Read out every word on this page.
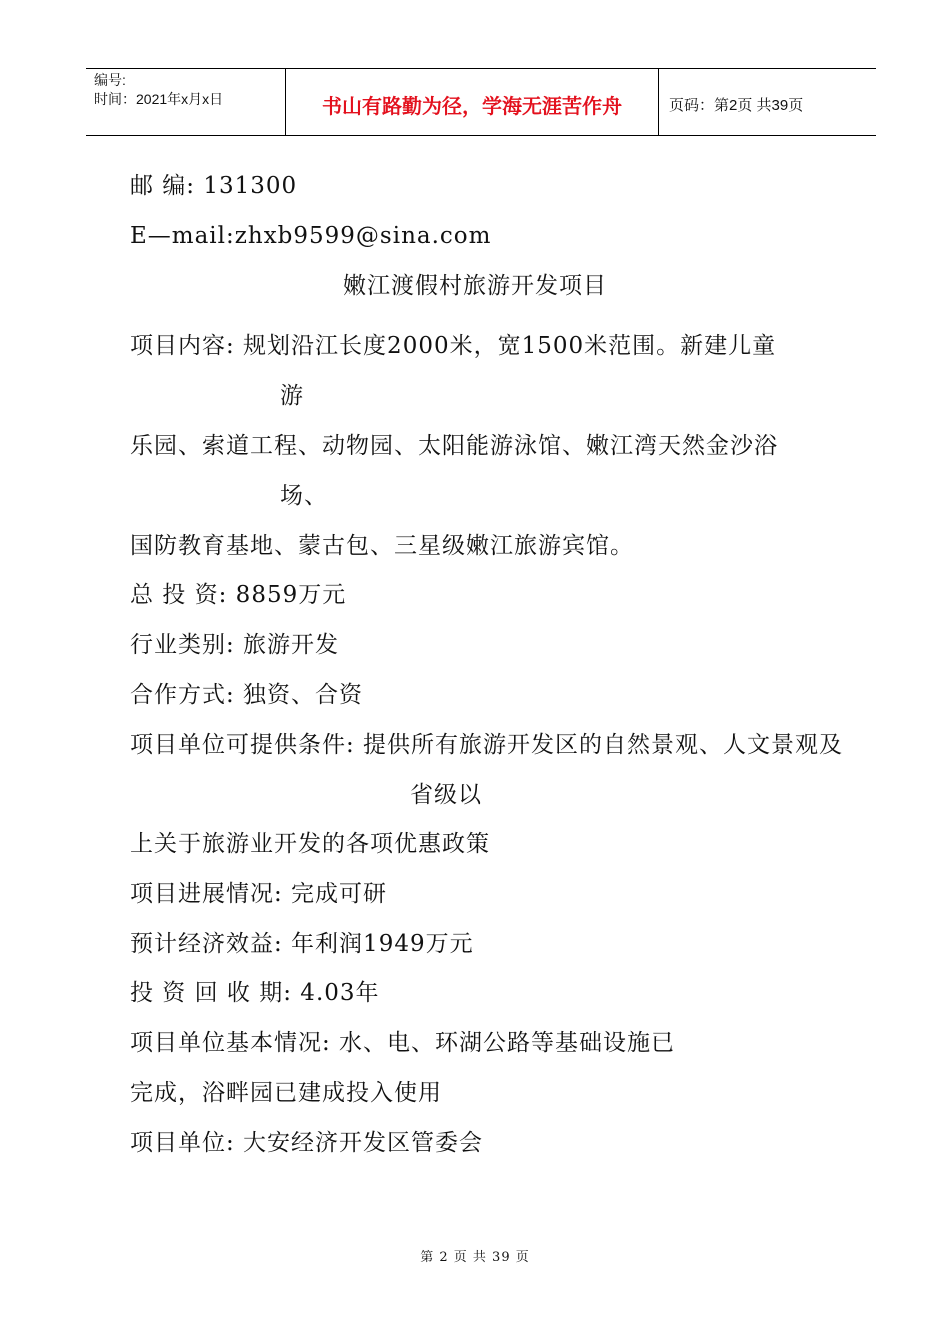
编号:
时间：2021年x月x日	书山有路勤为径，学海无涯苦作舟	页码：第2页 共39页
邮 编: 131300
E—mail:zhxb9599@sina.com
嫩江渡假村旅游开发项目
项目内容: 规划沿江长度2000米，宽1500米范围。新建儿童
游
乐园、索道工程、动物园、太阳能游泳馆、嫩江湾天然金沙浴
场、
国防教育基地、蒙古包、三星级嫩江旅游宾馆。
总 投 资: 8859万元
行业类别: 旅游开发
合作方式: 独资、合资
项目单位可提供条件: 提供所有旅游开发区的自然景观、人文景观及
省级以
上关于旅游业开发的各项优惠政策
项目进展情况: 完成可研
预计经济效益: 年利润1949万元
投 资 回 收 期: 4.03年
项目单位基本情况: 水、电、环湖公路等基础设施已
完成，浴畔园已建成投入使用
项目单位: 大安经济开发区管委会
第 2 页 共 39 页
